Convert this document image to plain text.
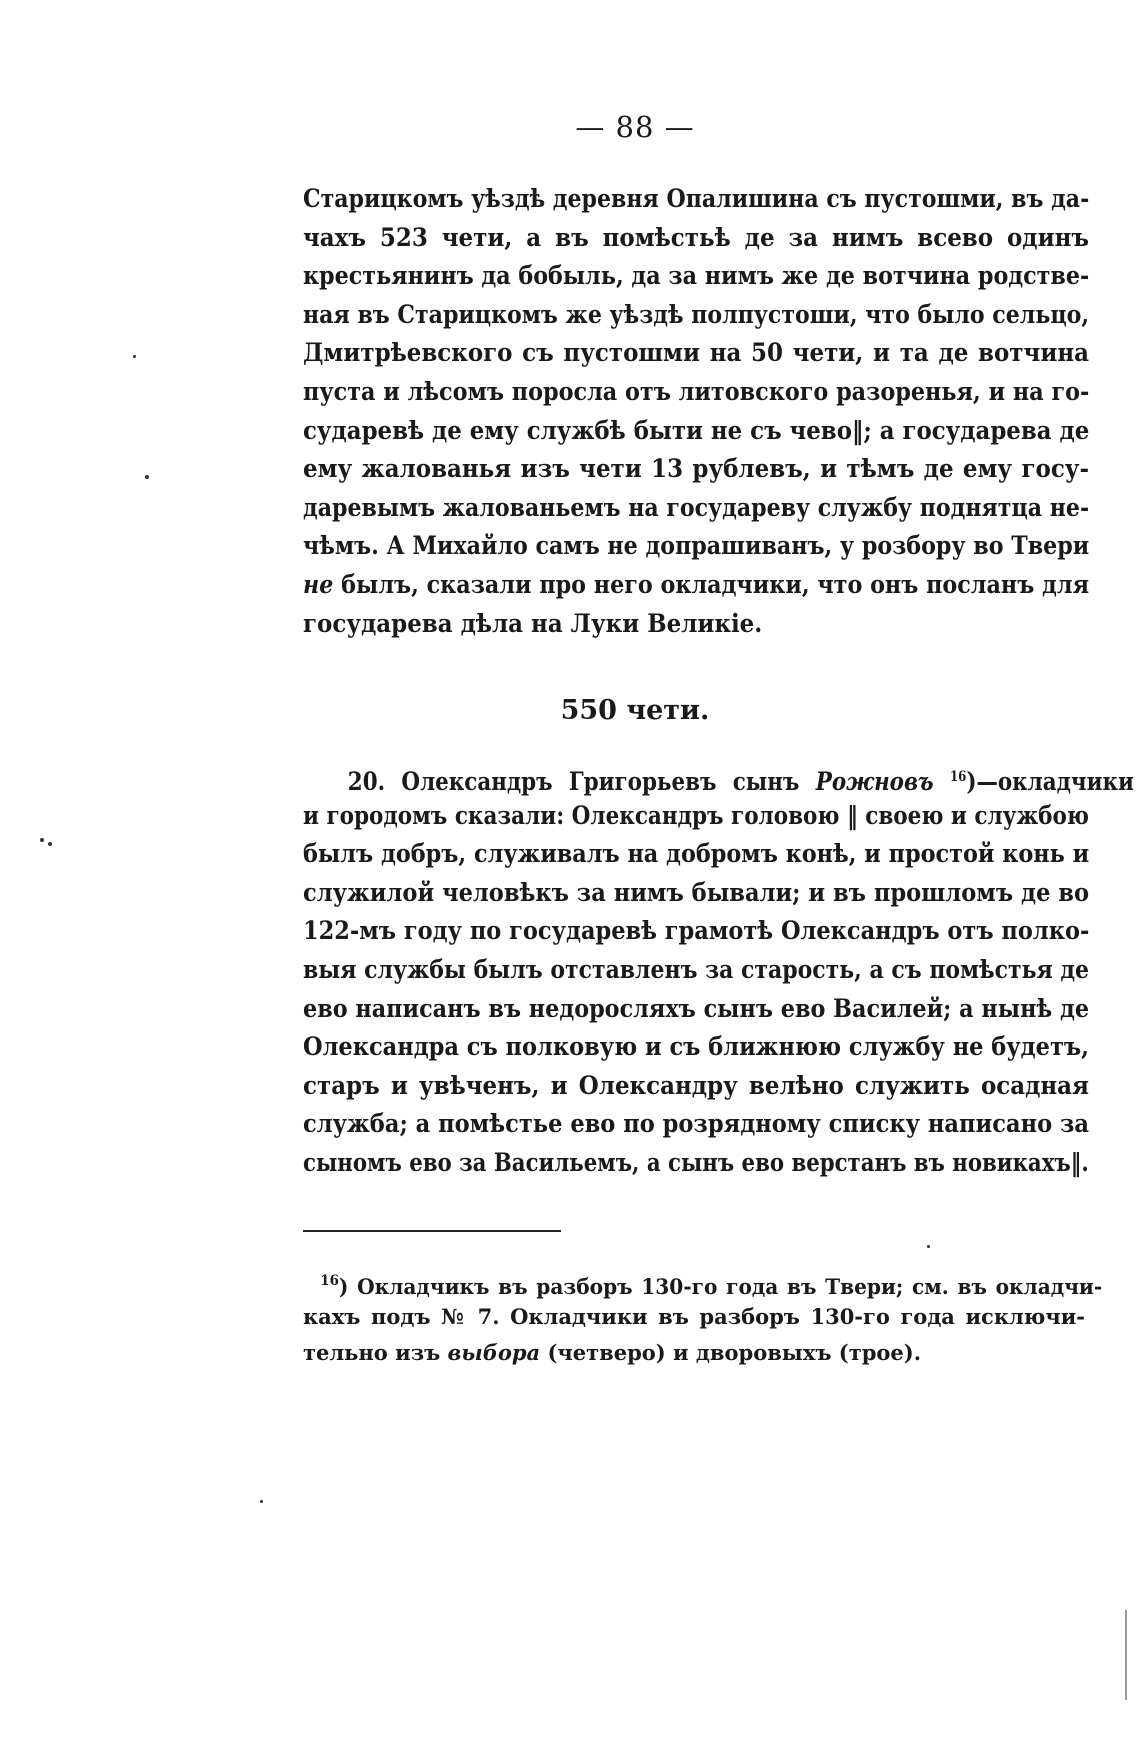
— 88 —
Старицкомъ уѣздѣ деревня Опалишина съ пустошми, въ да-
чахъ 523 чети, а въ помѣстьѣ де за нимъ всево одинъ
крестьянинъ да бобыль, да за нимъ же де вотчина родстве-
ная въ Старицкомъ же уѣздѣ полпустоши, что было сельцо,
Дмитрѣевского съ пустошми на 50 чети, и та де вотчина
пуста и лѣсомъ поросла отъ литовского разоренья, и на го-
сударевѣ де ему службѣ быти не съ чево‖; а государева де
ему жалованья изъ чети 13 рублевъ, и тѣмъ де ему госу-
даревымъ жалованьемъ на государеву службу поднятца не-
чѣмъ. А Михайло самъ не допрашиванъ, у розбору во Твери
не былъ, сказали про него окладчики, что онъ посланъ для
государева дѣла на Луки Великіе.
550 чети.
20. Олександръ Григорьевъ сынъ Рожновъ $^{16}$)—окладчики
и городомъ сказали: Олександръ головою ‖ своею и службою
былъ добръ, служивалъ на добромъ конѣ, и простой конь и
служилой человѣкъ за нимъ бывали; и въ прошломъ де во
122-мъ году по государевѣ грамотѣ Олександръ отъ полко-
выя службы былъ отставленъ за старость, а съ помѣстья де
ево написанъ въ недоросляхъ сынъ ево Василей; а нынѣ де
Олександра съ полковую и съ ближнюю службу не будетъ,
старъ и увѣченъ, и Олександру велѣно служить осадная
служба; а помѣстье ево по розрядному списку написано за
сыномъ ево за Васильемъ, а сынъ ево верстанъ въ новикахъ‖.
$^{16}$) Окладчикъ въ разборъ 130-го года въ Твери; см. въ окладчи-
кахъ подъ № 7. Окладчики въ разборъ 130-го года исключи-
тельно изъ выбора (четверо) и дворовыхъ (трое).
